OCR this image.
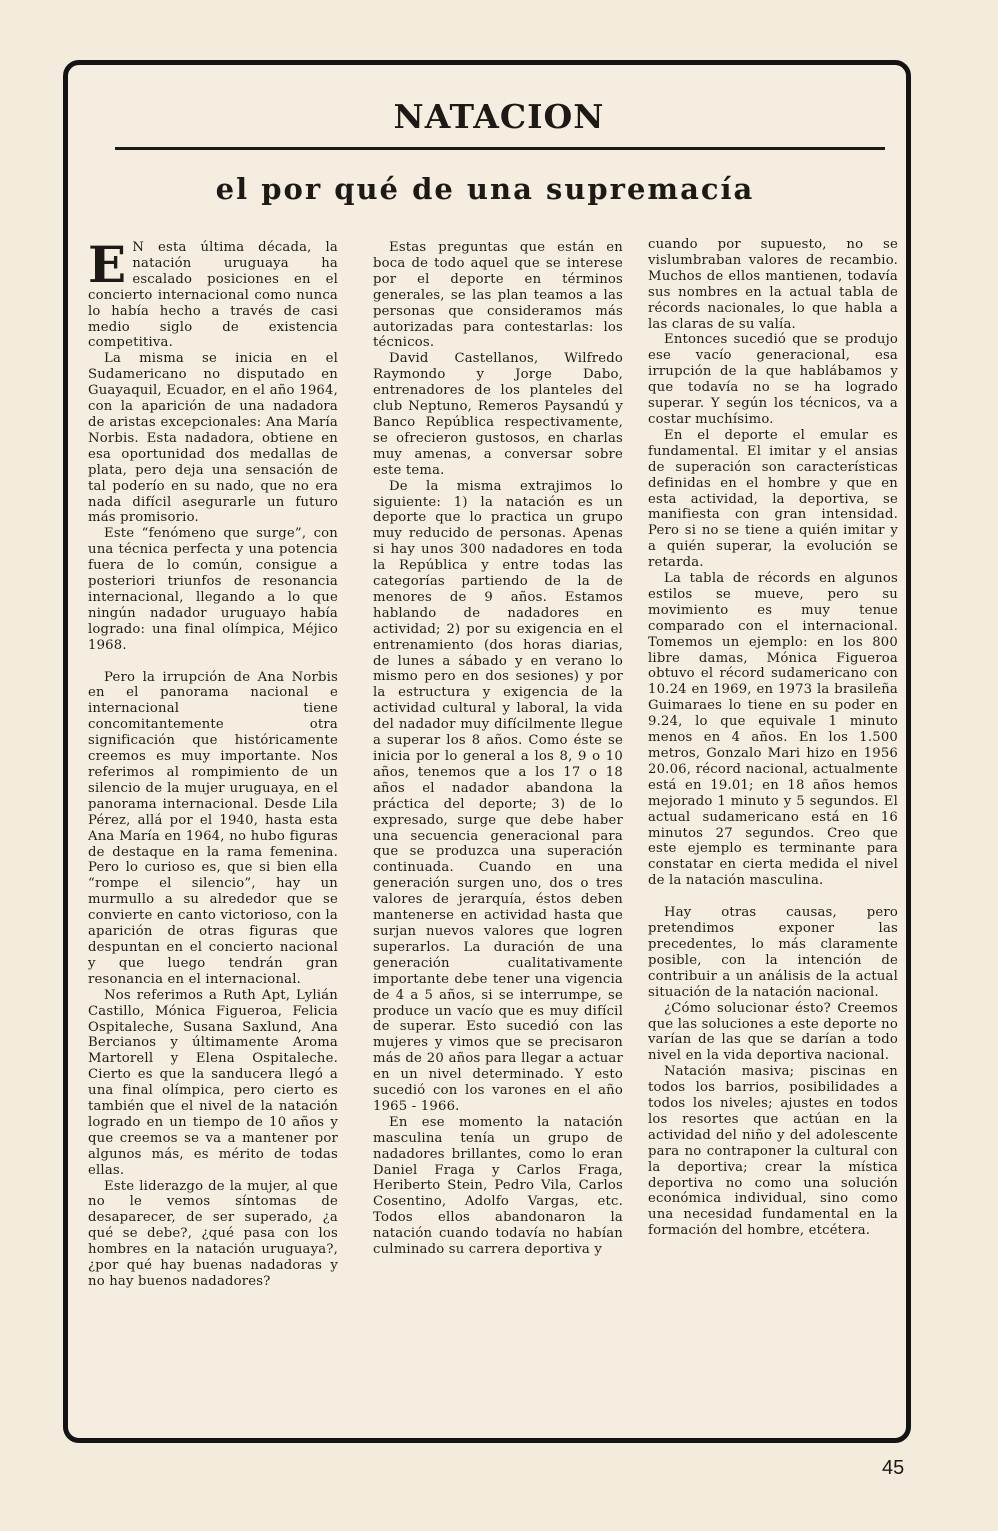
NATACION
el por qué de una supremacía

E N esta última década, la natación uruguaya ha escalado posiciones en el concierto internacional como nunca lo había hecho a través de casi medio siglo de existencia competitiva.

La misma se inicia en el Sudamericano no disputado en Guayaquil, Ecuador, en el año 1964, con la aparición de una nadadora de aristas excepcionales: Ana María Norbis. Esta nadadora, obtiene en esa oportunidad dos medallas de plata, pero deja una sensación de tal poderío en su nado, que no era nada difícil asegurarle un futuro más promisorio.

Este “fenómeno que surge”, con una técnica perfecta y una potencia fuera de lo común, consigue a posteriori triunfos de resonancia internacional, llegando a lo que ningún nadador uruguayo había logrado: una final olímpica, Méjico 1968.

Pero la irrupción de Ana Norbis en el panorama nacional e internacional tiene concomitantemente otra significación que históricamente creemos es muy importante. Nos referimos al rompimiento de un silencio de la mujer uruguaya, en el panorama internacional. Desde Lila Pérez, allá por el 1940, hasta esta Ana María en 1964, no hubo figuras de destaque en la rama femenina. Pero lo curioso es, que si bien ella “rompe el silencio”, hay un murmullo a su alrededor que se convierte en canto victorioso, con la aparición de otras figuras que despuntan en el concierto nacional y que luego tendrán gran resonancia en el internacional.

Nos referimos a Ruth Apt, Lylián Castillo, Mónica Figueroa, Felicia Ospitaleche, Susana Saxlund, Ana Bercianos y últimamente Aroma Martorell y Elena Ospitaleche. Cierto es que la sanducera llegó a una final olímpica, pero cierto es también que el nivel de la natación logrado en un tiempo de 10 años y que creemos se va a mantener por algunos más, es mérito de todas ellas.

Este liderazgo de la mujer, al que no le vemos síntomas de desaparecer, de ser superado, ¿a qué se debe?, ¿qué pasa con los hombres en la natación uruguaya?, ¿por qué hay buenas nadadoras y no hay buenos nadadores?

Estas preguntas que están en boca de todo aquel que se interese por el deporte en términos generales, se las plan teamos a las personas que consideramos más autorizadas para contestarlas: los técnicos.

David Castellanos, Wilfredo Raymondo y Jorge Dabo, entrenadores de los planteles del club Neptuno, Remeros Paysandú y Banco República respectivamente, se ofrecieron gustosos, en charlas muy amenas, a conversar sobre este tema.

De la misma extrajimos lo siguiente: 1) la natación es un deporte que lo practica un grupo muy reducido de personas. Apenas si hay unos 300 nadadores en toda la República y entre todas las categorías partiendo de la de menores de 9 años. Estamos hablando de nadadores en actividad; 2) por su exigencia en el entrenamiento (dos horas diarias, de lunes a sábado y en verano lo mismo pero en dos sesiones) y por la estructura y exigencia de la actividad cultural y laboral, la vida del nadador muy difícilmente llegue a superar los 8 años. Como éste se inicia por lo general a los 8, 9 o 10 años, tenemos que a los 17 o 18 años el nadador abandona la práctica del deporte; 3) de lo expresado, surge que debe haber una secuencia generacional para que se produzca una superación continuada. Cuando en una generación surgen uno, dos o tres valores de jerarquía, éstos deben mantenerse en actividad hasta que surjan nuevos valores que logren superarlos. La duración de una generación cualitativamente importante debe tener una vigencia de 4 a 5 años, si se interrumpe, se produce un vacío que es muy difícil de superar. Esto sucedió con las mujeres y vimos que se precisaron más de 20 años para llegar a actuar en un nivel determinado. Y esto sucedió con los varones en el año 1965 - 1966.

En ese momento la natación masculina tenía un grupo de nadadores brillantes, como lo eran Daniel Fraga y Carlos Fraga, Heriberto Stein, Pedro Vila, Carlos Cosentino, Adolfo Vargas, etc. Todos ellos abandonaron la natación cuando todavía no habían culminado su carrera deportiva y

cuando por supuesto, no se vislumbraban valores de recambio. Muchos de ellos mantienen, todavía sus nombres en la actual tabla de récords nacionales, lo que habla a las claras de su valía.

Entonces sucedió que se produjo ese vacío generacional, esa irrupción de la que hablábamos y que todavía no se ha logrado superar. Y según los técnicos, va a costar muchísimo.

En el deporte el emular es fundamental. El imitar y el ansias de superación son características definidas en el hombre y que en esta actividad, la deportiva, se manifiesta con gran intensidad. Pero si no se tiene a quién imitar y a quién superar, la evolución se retarda.

La tabla de récords en algunos estilos se mueve, pero su movimiento es muy tenue comparado con el internacional. Tomemos un ejemplo: en los 800 libre damas, Mónica Figueroa obtuvo el récord sudamericano con 10.24 en 1969, en 1973 la brasileña Guimaraes lo tiene en su poder en 9.24, lo que equivale 1 minuto menos en 4 años. En los 1.500 metros, Gonzalo Mari hizo en 1956 20.06, récord nacional, actualmente está en 19.01; en 18 años hemos mejorado 1 minuto y 5 segundos. El actual sudamericano está en 16 minutos 27 segundos. Creo que este ejemplo es terminante para constatar en cierta medida el nivel de la natación masculina.

Hay otras causas, pero pretendimos exponer las precedentes, lo más claramente posible, con la intención de contribuir a un análisis de la actual situación de la natación nacional.

¿Cómo solucionar ésto? Creemos que las soluciones a este deporte no varían de las que se darían a todo nivel en la vida deportiva nacional.

Natación masiva; piscinas en todos los barrios, posibilidades a todos los niveles; ajustes en todos los resortes que actúan en la actividad del niño y del adolescente para no contraponer la cultural con la deportiva; crear la mística deportiva no como una solución económica individual, sino como una necesidad fundamental en la formación del hombre, etcétera.

45
